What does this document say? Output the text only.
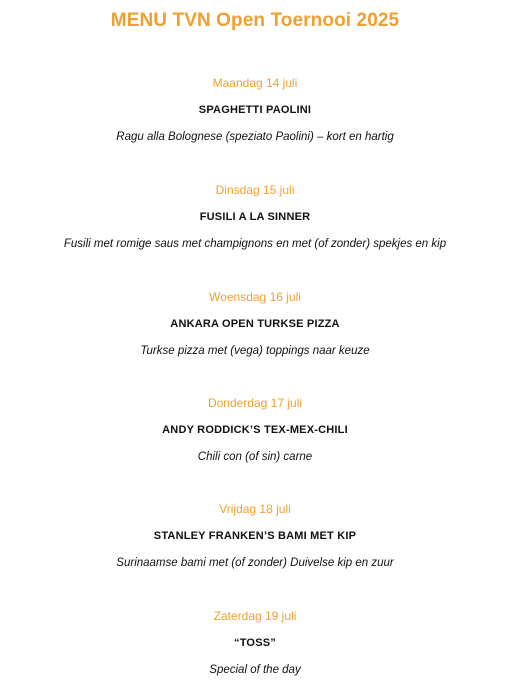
MENU TVN Open Toernooi 2025
Maandag 14 juli
SPAGHETTI PAOLINI
Ragu alla Bolognese (speziato Paolini) – kort en hartig
Dinsdag 15 juli
FUSILI A LA SINNER
Fusili met romige saus met champignons en met (of zonder) spekjes en kip
Woensdag 16 juli
ANKARA OPEN TURKSE PIZZA
Turkse pizza met (vega) toppings naar keuze
Donderdag 17 juli
ANDY RODDICK’S TEX-MEX-CHILI
Chili con (of sin) carne
Vrijdag 18 juli
STANLEY FRANKEN’S BAMI MET KIP
Surinaamse bami met (of zonder) Duivelse kip en zuur
Zaterdag 19 juli
“TOSS”
Special of the day
